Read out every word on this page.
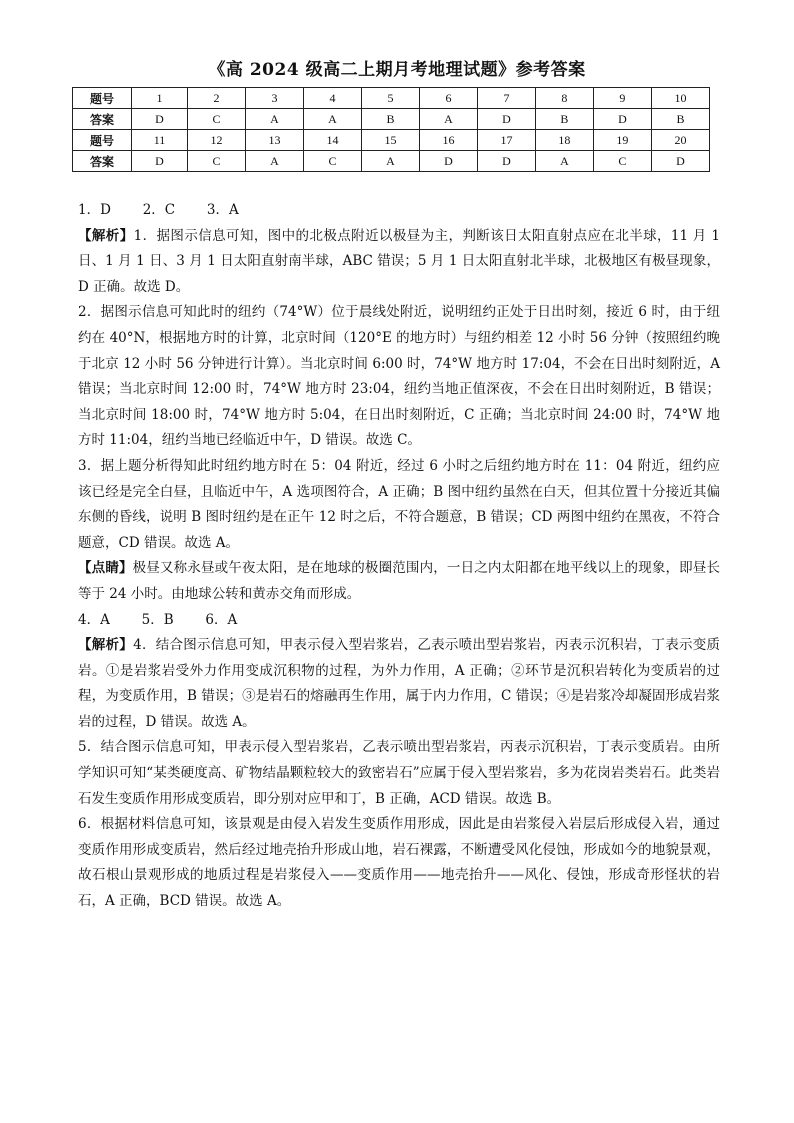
《高 2024 级高二上期月考地理试题》参考答案
题号	1	2	3	4	5	6	7	8	9	10
答案	D	C	A	A	B	A	D	B	D	B
题号	11	12	13	14	15	16	17	18	19	20
答案	D	C	A	C	A	D	D	A	C	D

1．D　 2．C　 3．A

【解析】1．据图示信息可知，图中的北极点附近以极昼为主，判断该日太阳直射点应在北半球，11 月 1 日、1 月 1 日、3 月 1 日太阳直射南半球，ABC 错误；5 月 1 日太阳直射北半球，北极地区有极昼现象，D 正确。故选 D。

2．据图示信息可知此时的纽约（74°W）位于晨线处附近，说明纽约正处于日出时刻，接近 6 时，由于纽约在 40°N，根据地方时的计算，北京时间（120°E 的地方时）与纽约相差 12 小时 56 分钟（按照纽约晚于北京 12 小时 56 分钟进行计算）。当北京时间 6:00 时，74°W 地方时 17:04，不会在日出时刻附近，A 错误；当北京时间 12:00 时，74°W 地方时 23:04，纽约当地正值深夜，不会在日出时刻附近，B 错误；当北京时间 18:00 时，74°W 地方时 5:04，在日出时刻附近，C 正确；当北京时间 24:00 时，74°W 地方时 11:04，纽约当地已经临近中午，D 错误。故选 C。

3．据上题分析得知此时纽约地方时在 5：04 附近，经过 6 小时之后纽约地方时在 11：04 附近，纽约应该已经是完全白昼，且临近中午，A 选项图符合，A 正确；B 图中纽约虽然在白天，但其位置十分接近其偏东侧的昏线，说明 B 图时纽约是在正午 12 时之后，不符合题意，B 错误；CD 两图中纽约在黑夜，不符合题意，CD 错误。故选 A。

【点睛】极昼又称永昼或午夜太阳，是在地球的极圈范围内，一日之内太阳都在地平线以上的现象，即昼长等于 24 小时。由地球公转和黄赤交角而形成。

4．A　 5．B　 6．A

【解析】4．结合图示信息可知，甲表示侵入型岩浆岩，乙表示喷出型岩浆岩，丙表示沉积岩，丁表示变质岩。①是岩浆岩受外力作用变成沉积物的过程，为外力作用，A 正确；②环节是沉积岩转化为变质岩的过程，为变质作用，B 错误；③是岩石的熔融再生作用，属于内力作用，C 错误；④是岩浆冷却凝固形成岩浆岩的过程，D 错误。故选 A。

5．结合图示信息可知，甲表示侵入型岩浆岩，乙表示喷出型岩浆岩，丙表示沉积岩，丁表示变质岩。由所学知识可知“某类硬度高、矿物结晶颗粒较大的致密岩石”应属于侵入型岩浆岩，多为花岗岩类岩石。此类岩石发生变质作用形成变质岩，即分别对应甲和丁，B 正确，ACD 错误。故选 B。

6．根据材料信息可知，该景观是由侵入岩发生变质作用形成，因此是由岩浆侵入岩层后形成侵入岩，通过变质作用形成变质岩，然后经过地壳抬升形成山地，岩石裸露，不断遭受风化侵蚀，形成如今的地貌景观，故石根山景观形成的地质过程是岩浆侵入——变质作用——地壳抬升——风化、侵蚀，形成奇形怪状的岩石，A 正确，BCD 错误。故选 A。
